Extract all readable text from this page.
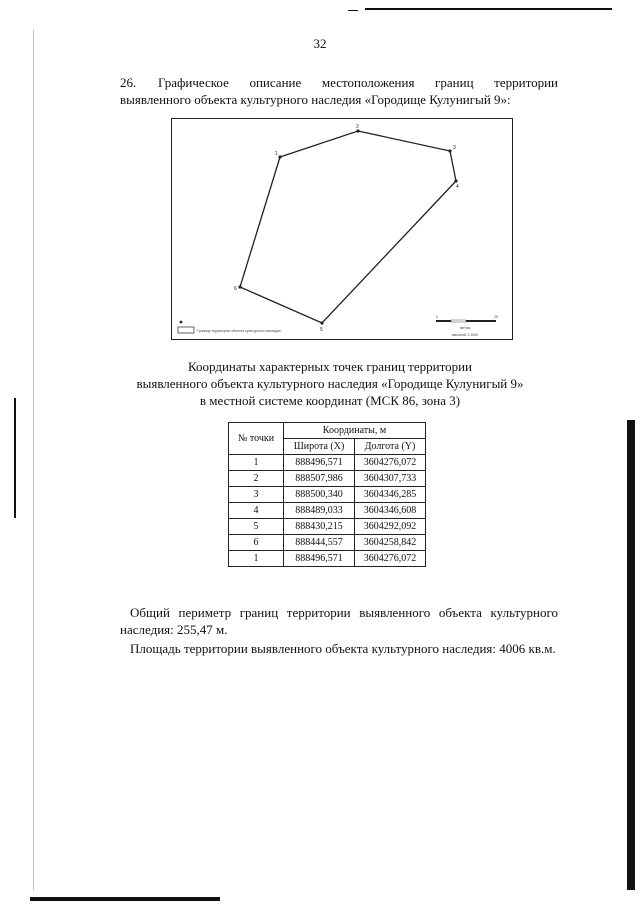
32
26. Графическое описание местоположения границ территории выявленного объекта культурного наследия «Городище Кулунигый 9»:
1
2
3
4
5
6
Граница территории объекта культурного наследия
0	25
метры
масштаб 1:1000
Координаты характерных точек границ территории
выявленного объекта культурного наследия «Городище Кулунигый 9»
в местной системе координат (МСК 86, зона 3)
№ точки	Координаты, м	
	Широта (X)	Долгота (Y)
1	888496,571	3604276,072
2	888507,986	3604307,733
3	888500,340	3604346,285
4	888489,033	3604346,608
5	888430,215	3604292,092
6	888444,557	3604258,842
1	888496,571	3604276,072
Общий периметр границ территории выявленного объекта культурного наследия: 255,47 м.
Площадь территории выявленного объекта культурного наследия: 4006 кв.м.
